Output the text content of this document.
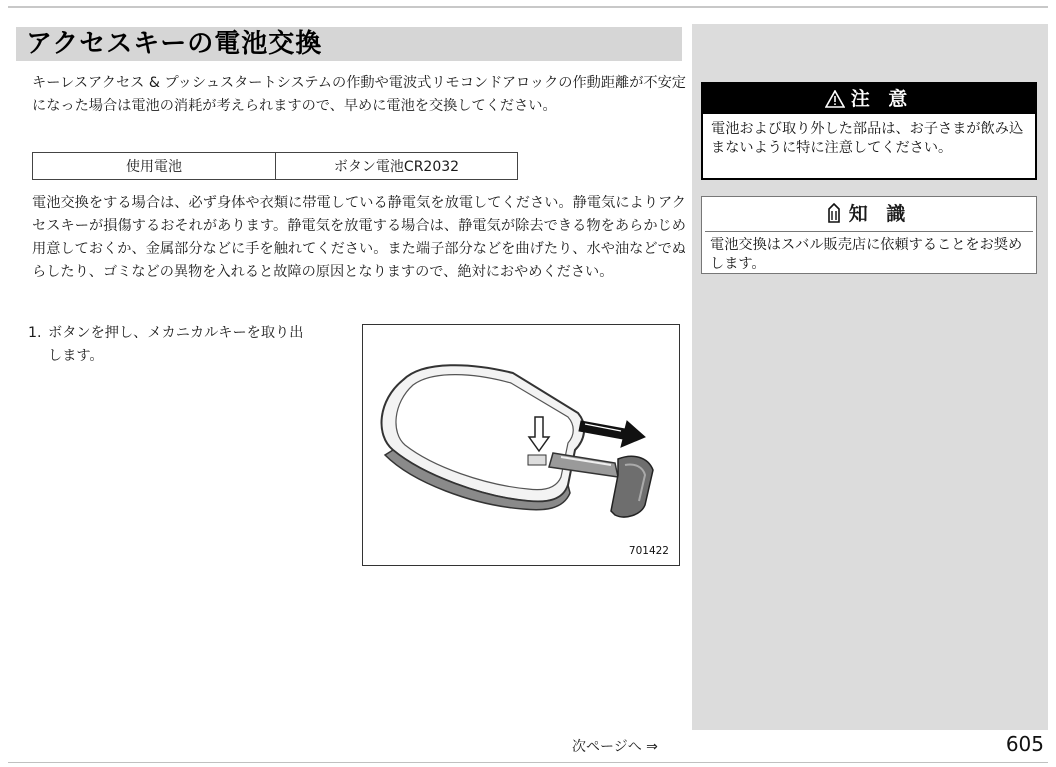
アクセスキーの電池交換

キーレスアクセス & プッシュスタートシステムの作動や電波式リモコンドアロックの作動距離が不安定になった場合は電池の消耗が考えられますので、早めに電池を交換してください。

使用電池	ボタン電池CR2032

電池交換をする場合は、必ず身体や衣類に帯電している静電気を放電してください。静電気によりアクセスキーが損傷するおそれがあります。静電気を放電する場合は、静電気が除去できる物をあらかじめ用意しておくか、金属部分などに手を触れてください。また端子部分などを曲げたり、水や油などでぬらしたり、ゴミなどの異物を入れると故障の原因となりますので、絶対におやめください。

1. ボタンを押し、メカニカルキーを取り出
します。

701422
注 意
電池および取り外した部品は、お子さまが飲み込まないように特に注意してください。
知 識
電池交換はスバル販売店に依頼することをお奨めします。
次ページへ ⇒	605
